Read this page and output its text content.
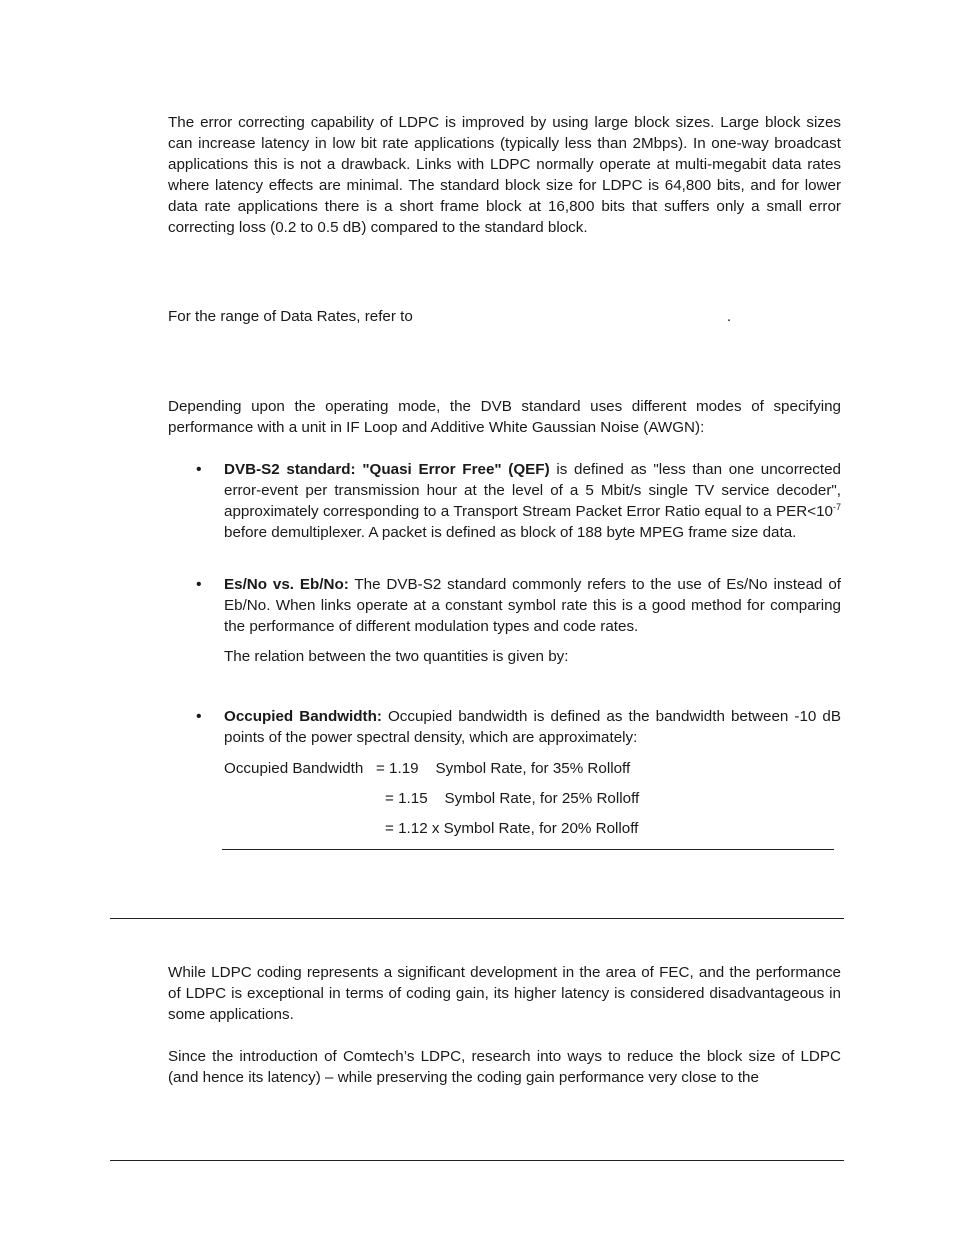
The error correcting capability of LDPC is improved by using large block sizes. Large block sizes can increase latency in low bit rate applications (typically less than 2Mbps). In one-way broadcast applications this is not a drawback. Links with LDPC normally operate at multi-megabit data rates where latency effects are minimal. The standard block size for LDPC is 64,800 bits, and for lower data rate applications there is a short frame block at 16,800 bits that suffers only a small error correcting loss (0.2 to 0.5 dB) compared to the standard block.

For the range of Data Rates, refer to	.

Depending upon the operating mode, the DVB standard uses different modes of specifying performance with a unit in IF Loop and Additive White Gaussian Noise (AWGN):

• DVB-S2 standard: "Quasi Error Free" (QEF) is defined as "less than one uncorrected error-event per transmission hour at the level of a 5 Mbit/s single TV service decoder", approximately corresponding to a Transport Stream Packet Error Ratio equal to a $PER<10^{-7}$ before demultiplexer. A packet is defined as block of 188 byte MPEG frame size data.

• Es/No vs. Eb/No: The DVB-S2 standard commonly refers to the use of Es/No instead of Eb/No. When links operate at a constant symbol rate this is a good method for comparing the performance of different modulation types and code rates.

The relation between the two quantities is given by:

• Occupied Bandwidth: Occupied bandwidth is defined as the bandwidth between -10 dB points of the power spectral density, which are approximately:

Occupied Bandwidth   = 1.19    Symbol Rate, for 35% Rolloff
= 1.15    Symbol Rate, for 25% Rolloff
= 1.12 x Symbol Rate, for 20% Rolloff

While LDPC coding represents a significant development in the area of FEC, and the performance of LDPC is exceptional in terms of coding gain, its higher latency is considered disadvantageous in some applications.

Since the introduction of Comtech’s LDPC, research into ways to reduce the block size of LDPC (and hence its latency) – while preserving the coding gain performance very close to the
